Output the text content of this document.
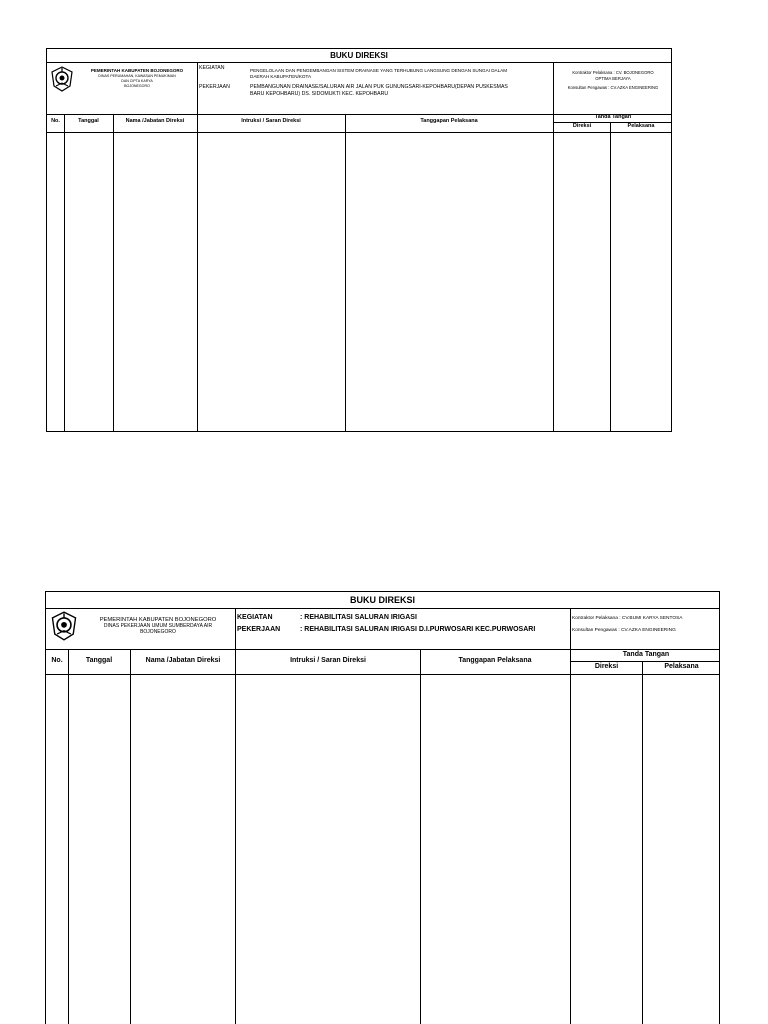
BUKU DIREKSI
PEMERINTAH KABUPATEN BOJONEGORO
DINAS PERUMAHAN, KAWASAN PEMUKIMAN
DAN CIPTA KARYA
BOJONEGORO
KEGIATAN	PENGELOLAAN DAN PENGEMBANGAN SISTEM DRAINASE YANG TERHUBUNG LANGSUNG DENGAN SUNGAI DALAM
DAERAH KABUPATEN/KOTA
PEKERJAAN	PEMBANGUNAN DRAINASE/SALURAN AIR JALAN PUK GUNUNGSARI-KEPOHBARU(DEPAN PUSKESMAS
BARU KEPOHBARU) DS. SIDOMUKTI KEC. KEPOHBARU
Kontraktor Pelaksana : CV. BOJONEGORO
OPTIMA BERJAYA
Konsultan Pengawas : CV.AZKA ENGINEERING
No.	Tanggal	Nama /Jabatan Direksi	Intruksi / Saran Direksi	Tanggapan Pelaksana
Tanda Tangan
Direksi	Pelaksana
BUKU DIREKSI
PEMERINTAH KABUPATEN BOJONEGORO
DINAS PEKERJAAN UMUM SUMBERDAYA AIR
BOJONEGORO
KEGIATAN	: REHABILITASI SALURAN IRIGASI
PEKERJAAN	: REHABILITASI SALURAN IRIGASI D.I.PURWOSARI KEC.PURWOSARI
Kontraktor Pelaksana : CV.BUMI KARYA SENTOSA
Konsultan Pengawas : CV.AZKA ENGINEERING
No.	Tanggal	Nama /Jabatan Direksi	Intruksi / Saran Direksi	Tanggapan Pelaksana
Tanda Tangan
Direksi	Pelaksana
